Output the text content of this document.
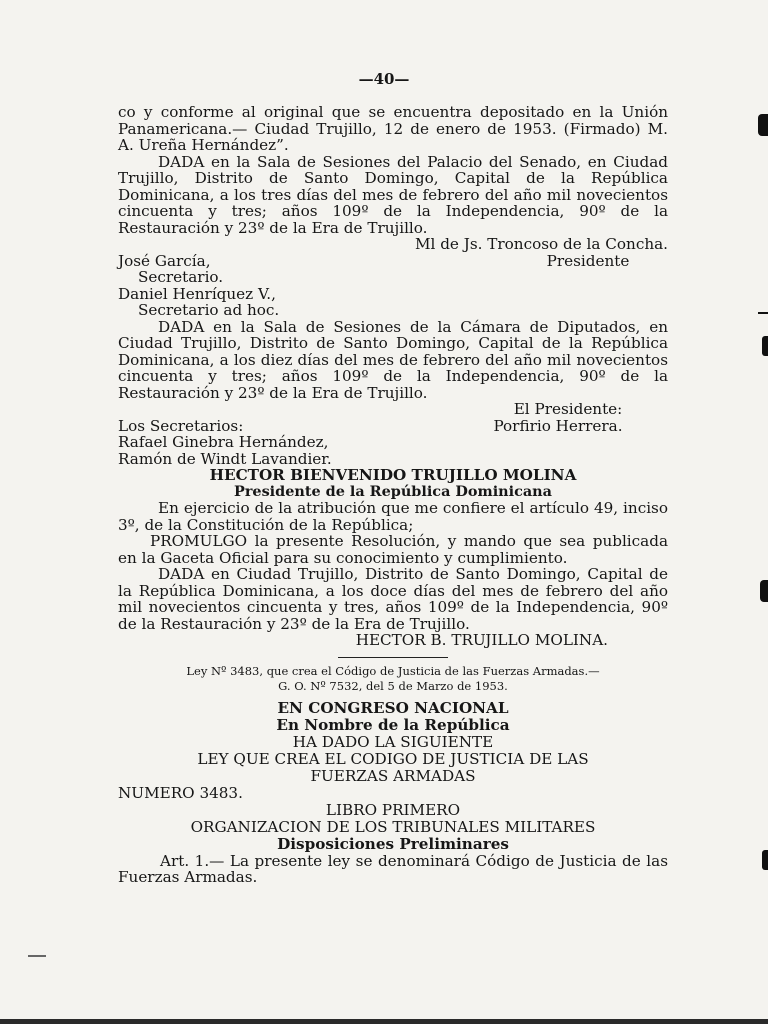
—40—

co y conforme al original que se encuentra depositado en la Unión Panamericana.— Ciudad Trujillo, 12 de enero de 1953. (Firmado) M. A. Ureña Hernández”.

DADA en la Sala de Sesiones del Palacio del Senado, en Ciudad Trujillo, Distrito de Santo Domingo, Capital de la República Dominicana, a los tres días del mes de febrero del año mil novecientos cincuenta y tres; años 109º de la Independencia, 90º de la Restauración y 23º de la Era de Trujillo.

Ml de Js. Troncoso de la Concha.

José García,	Presidente

Secretario.

Daniel Henríquez V.,

Secretario ad hoc.

DADA en la Sala de Sesiones de la Cámara de Diputados, en Ciudad Trujillo, Distrito de Santo Domingo, Capital de la República Dominicana, a los diez días del mes de febrero del año mil novecientos cincuenta y tres; años 109º de la Independencia, 90º de la Restauración y 23º de la Era de Trujillo.

El Presidente:
Los Secretarios:	Porfirio Herrera.

Rafael Ginebra Hernández,

Ramón de Windt Lavandier.

HECTOR BIENVENIDO TRUJILLO MOLINA

Presidente de la República Dominicana

En ejercicio de la atribución que me confiere el artículo 49, inciso 3º, de la Constitución de la República;

PROMULGO la presente Resolución, y mando que sea publicada en la Gaceta Oficial para su conocimiento y cumplimiento.

DADA en Ciudad Trujillo, Distrito de Santo Domingo, Capital de la República Dominicana, a los doce días del mes de febrero del año mil novecientos cincuenta y tres, años 109º de la Independencia, 90º de la Restauración y 23º de la Era de Trujillo.

HECTOR B. TRUJILLO MOLINA.

Ley Nº 3483, que crea el Código de Justicia de las Fuerzas Armadas.—

G. O. Nº 7532, del 5 de Marzo de 1953.

EN CONGRESO NACIONAL

En Nombre de la República

HA DADO LA SIGUIENTE

LEY QUE CREA EL CODIGO DE JUSTICIA DE LAS

FUERZAS ARMADAS

NUMERO 3483.

LIBRO PRIMERO

ORGANIZACION DE LOS TRIBUNALES MILITARES

Disposiciones Preliminares

Art. 1.— La presente ley se denominará Código de Justicia de las Fuerzas Armadas.
